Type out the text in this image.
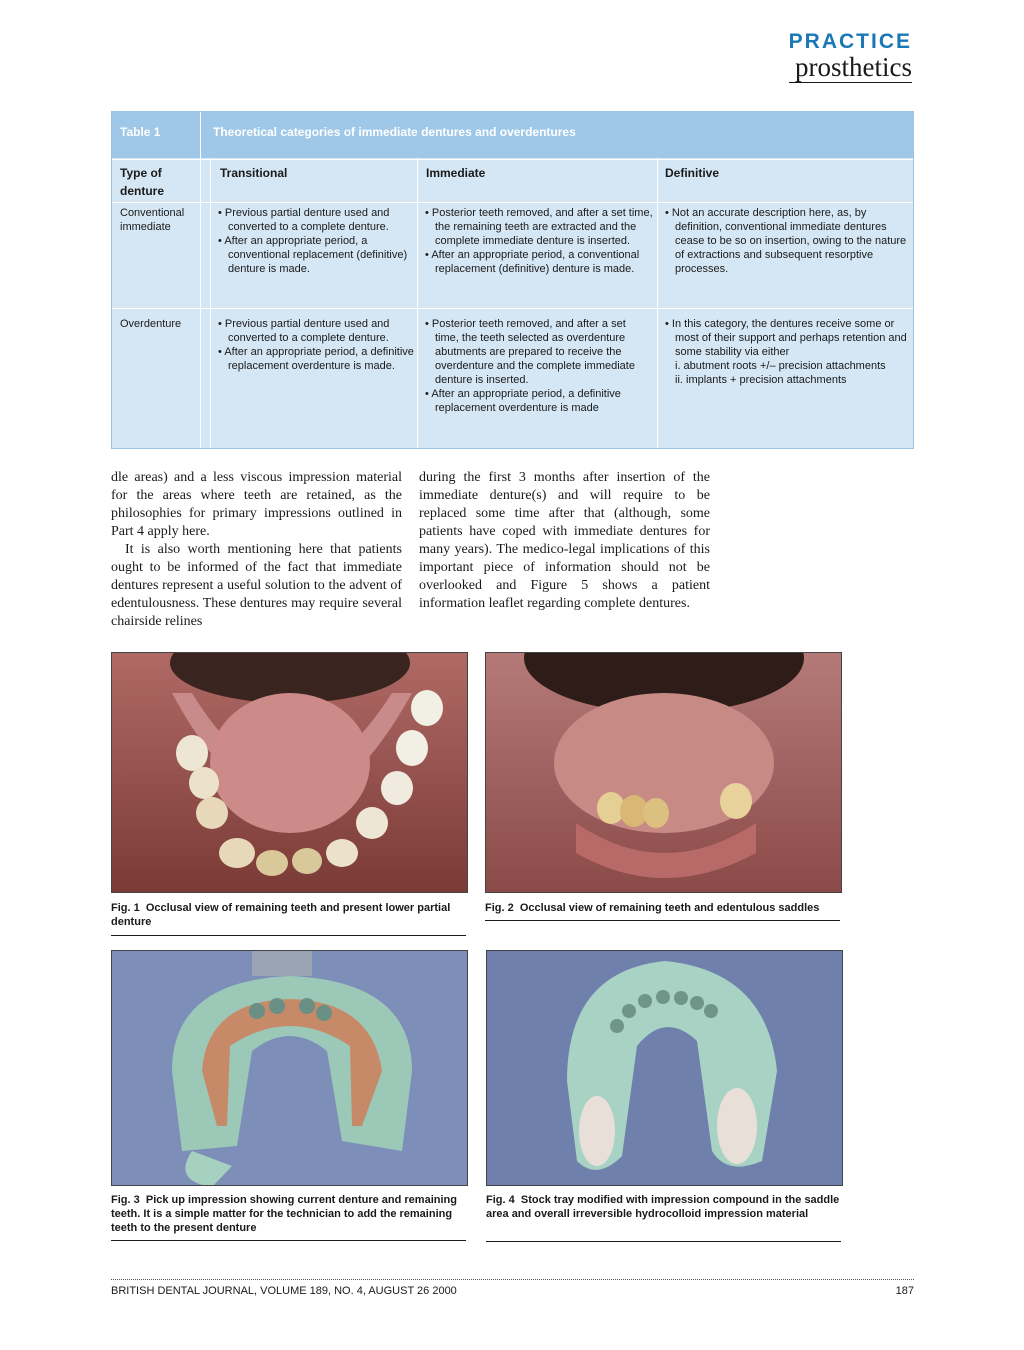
PRACTICE
prosthetics
Table 1	Theoretical categories of immediate dentures and overdentures
Type of denture
Transitional	Immediate	Definitive
Conventional immediate
• Previous partial denture used and converted to a complete denture.
• After an appropriate period, a conventional replacement (definitive) denture is made.
• Posterior teeth removed, and after a set time, the remaining teeth are extracted and the complete immediate denture is inserted.
• After an appropriate period, a conventional replacement (definitive) denture is made.
• Not an accurate description here, as, by definition, conventional immediate dentures cease to be so on insertion, owing to the nature of extractions and subsequent resorptive processes.
Overdenture
•	Previous partial denture used and converted to a complete denture.
• After an appropriate period, a definitive replacement overdenture is made.
• Posterior teeth removed, and after a set time, the teeth selected as overdenture abutments are prepared to receive the overdenture and the complete immediate denture is inserted.
• After an appropriate period, a definitive replacement overdenture is made
• In this category, the dentures receive some or most of their support and perhaps retention and some stability via either
i. abutment roots +/– precision attachments
ii. implants + precision attachments

dle areas) and a less viscous impression material for the areas where teeth are retained, as the philosophies for primary impressions outlined in Part 4 apply here.

It is also worth mentioning here that patients ought to be informed of the fact that immediate dentures represent a useful solution to the advent of edentulousness. These dentures may require several chairside relines

during the first 3 months after insertion of the immediate denture(s) and will require to be replaced some time after that (although, some patients have coped with immediate dentures for many years). The medico-legal implications of this important piece of information should not be overlooked and Figure 5 shows a patient information leaflet regarding complete dentures.

Fig. 1 Occlusal view of remaining teeth and present lower partial denture
Fig. 2 Occlusal view of remaining teeth and edentulous saddles
Fig. 3 Pick up impression showing current denture and remaining teeth. It is a simple matter for the technician to add the remaining teeth to the present denture
Fig. 4 Stock tray modified with impression compound in the saddle area and overall irreversible hydrocolloid impression material
BRITISH DENTAL JOURNAL, VOLUME 189, NO. 4, AUGUST 26 2000	187
